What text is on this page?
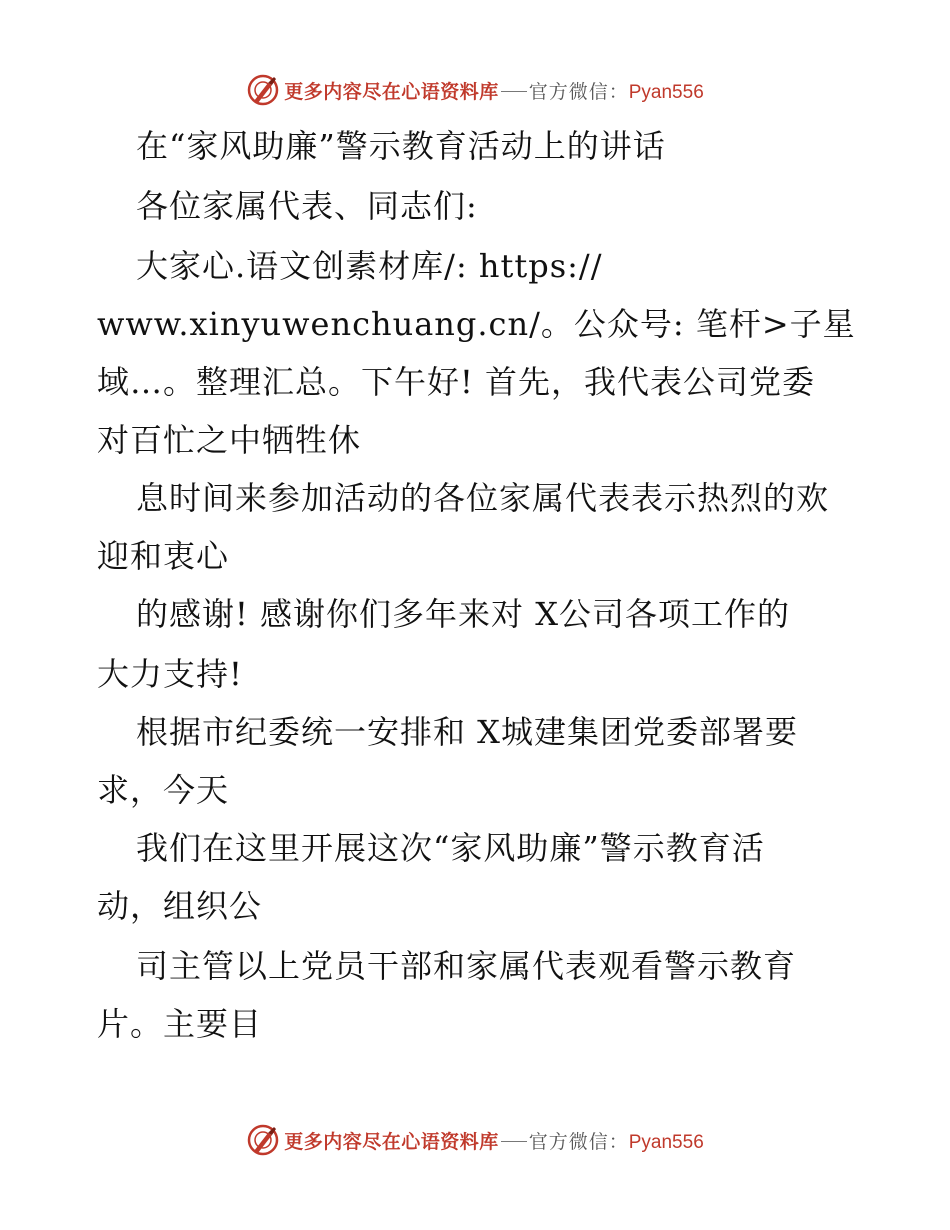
更多内容尽在心语资料库 官方微信： Pyan556
在“家风助廉”警示教育活动上的讲话
各位家属代表、同志们:
大家心.语文创素材库/: https://
www.xinyuwenchuang.cn/。公众号: 笔杆>子星
域…。整理汇总。下午好! 首先，我代表公司党委
对百忙之中牺牲休
息时间来参加活动的各位家属代表表示热烈的欢
迎和衷心
的感谢! 感谢你们多年来对 X公司各项工作的
大力支持!
根据市纪委统一安排和 X城建集团党委部署要
求，今天
我们在这里开展这次“家风助廉”警示教育活
动，组织公
司主管以上党员干部和家属代表观看警示教育
片。主要目
更多内容尽在心语资料库 官方微信： Pyan556
